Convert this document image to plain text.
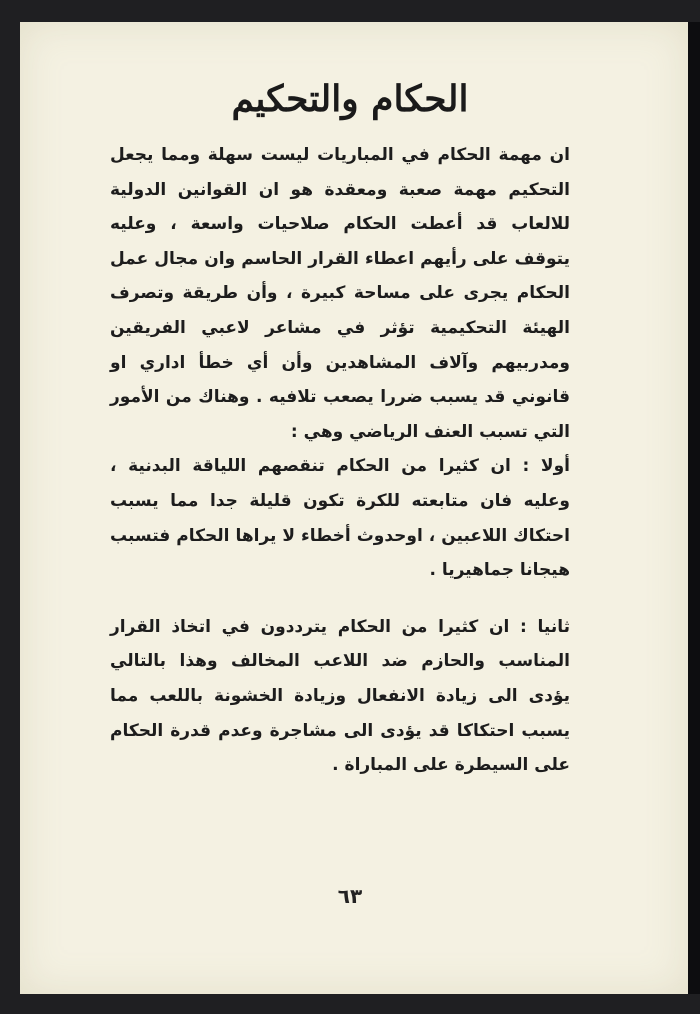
الحكام والتحكيم

ان مهمة الحكام في المباريات ليست سهلة ومما يجعل التحكيم مهمة صعبة ومعقدة هو ان القوانين الدولية للالعاب قد أعطت الحكام صلاحيات واسعة ، وعليه يتوقف على رأيهم اعطاء القرار الحاسم وان مجال عمل الحكام يجرى على مساحة كبيرة ، وأن طريقة وتصرف الهيئة التحكيمية تؤثر في مشاعر لاعبي الفريقين ومدربيهم وآلاف المشاهدين وأن أي خطأ اداري او قانوني قد يسبب ضررا يصعب تلافيه . وهناك من الأمور التي تسبب العنف الرياضي وهي :

أولا : ان كثيرا من الحكام تنقصهم اللياقة البدنية ، وعليه فان متابعته للكرة تكون قليلة جدا مما يسبب احتكاك اللاعبين ، اوحدوث أخطاء لا يراها الحكام فتسبب هيجانا جماهيريا .

ثانيا : ان كثيرا من الحكام يترددون في اتخاذ القرار المناسب والحازم ضد اللاعب المخالف وهذا بالتالي يؤدى الى زيادة الانفعال وزيادة الخشونة باللعب مما يسبب احتكاكا قد يؤدى الى مشاجرة وعدم قدرة الحكام على السيطرة على المباراة .

٦٣
